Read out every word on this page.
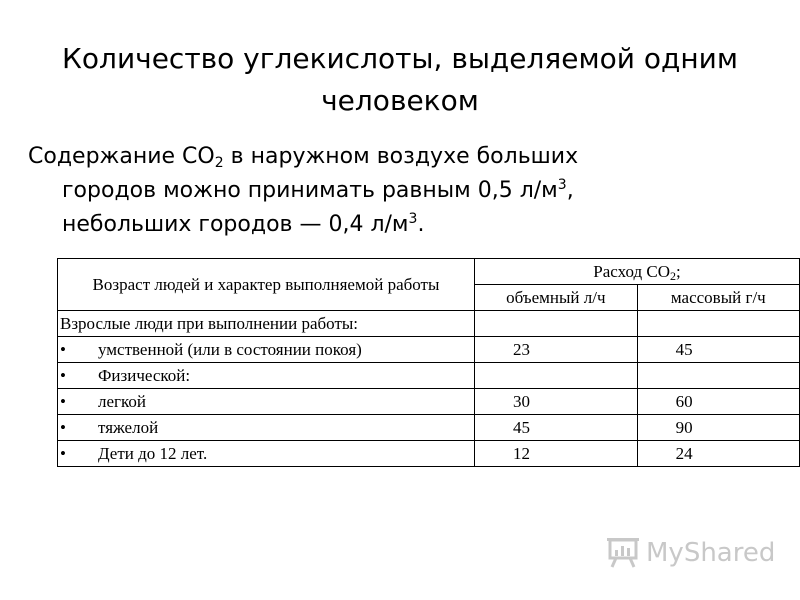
Количество углекислоты, выделяемой одним человеком
Содержание $СО_2$ в наружном воздухе больших
городов можно принимать равным 0,5 $л/м^3$,
небольших городов — 0,4 $л/м^3$.
Возраст людей и характер выполняемой работы	Расход $СО_2$;	
	объемный л/ч	массовый г/ч
Взрослые люди при выполнении работы:		
• умственной (или в состоянии покоя)	23	45
• Физической:		
• легкой	30	60
• тяжелой	45	90
• Дети до 12 лет.	12	24
MyShared
